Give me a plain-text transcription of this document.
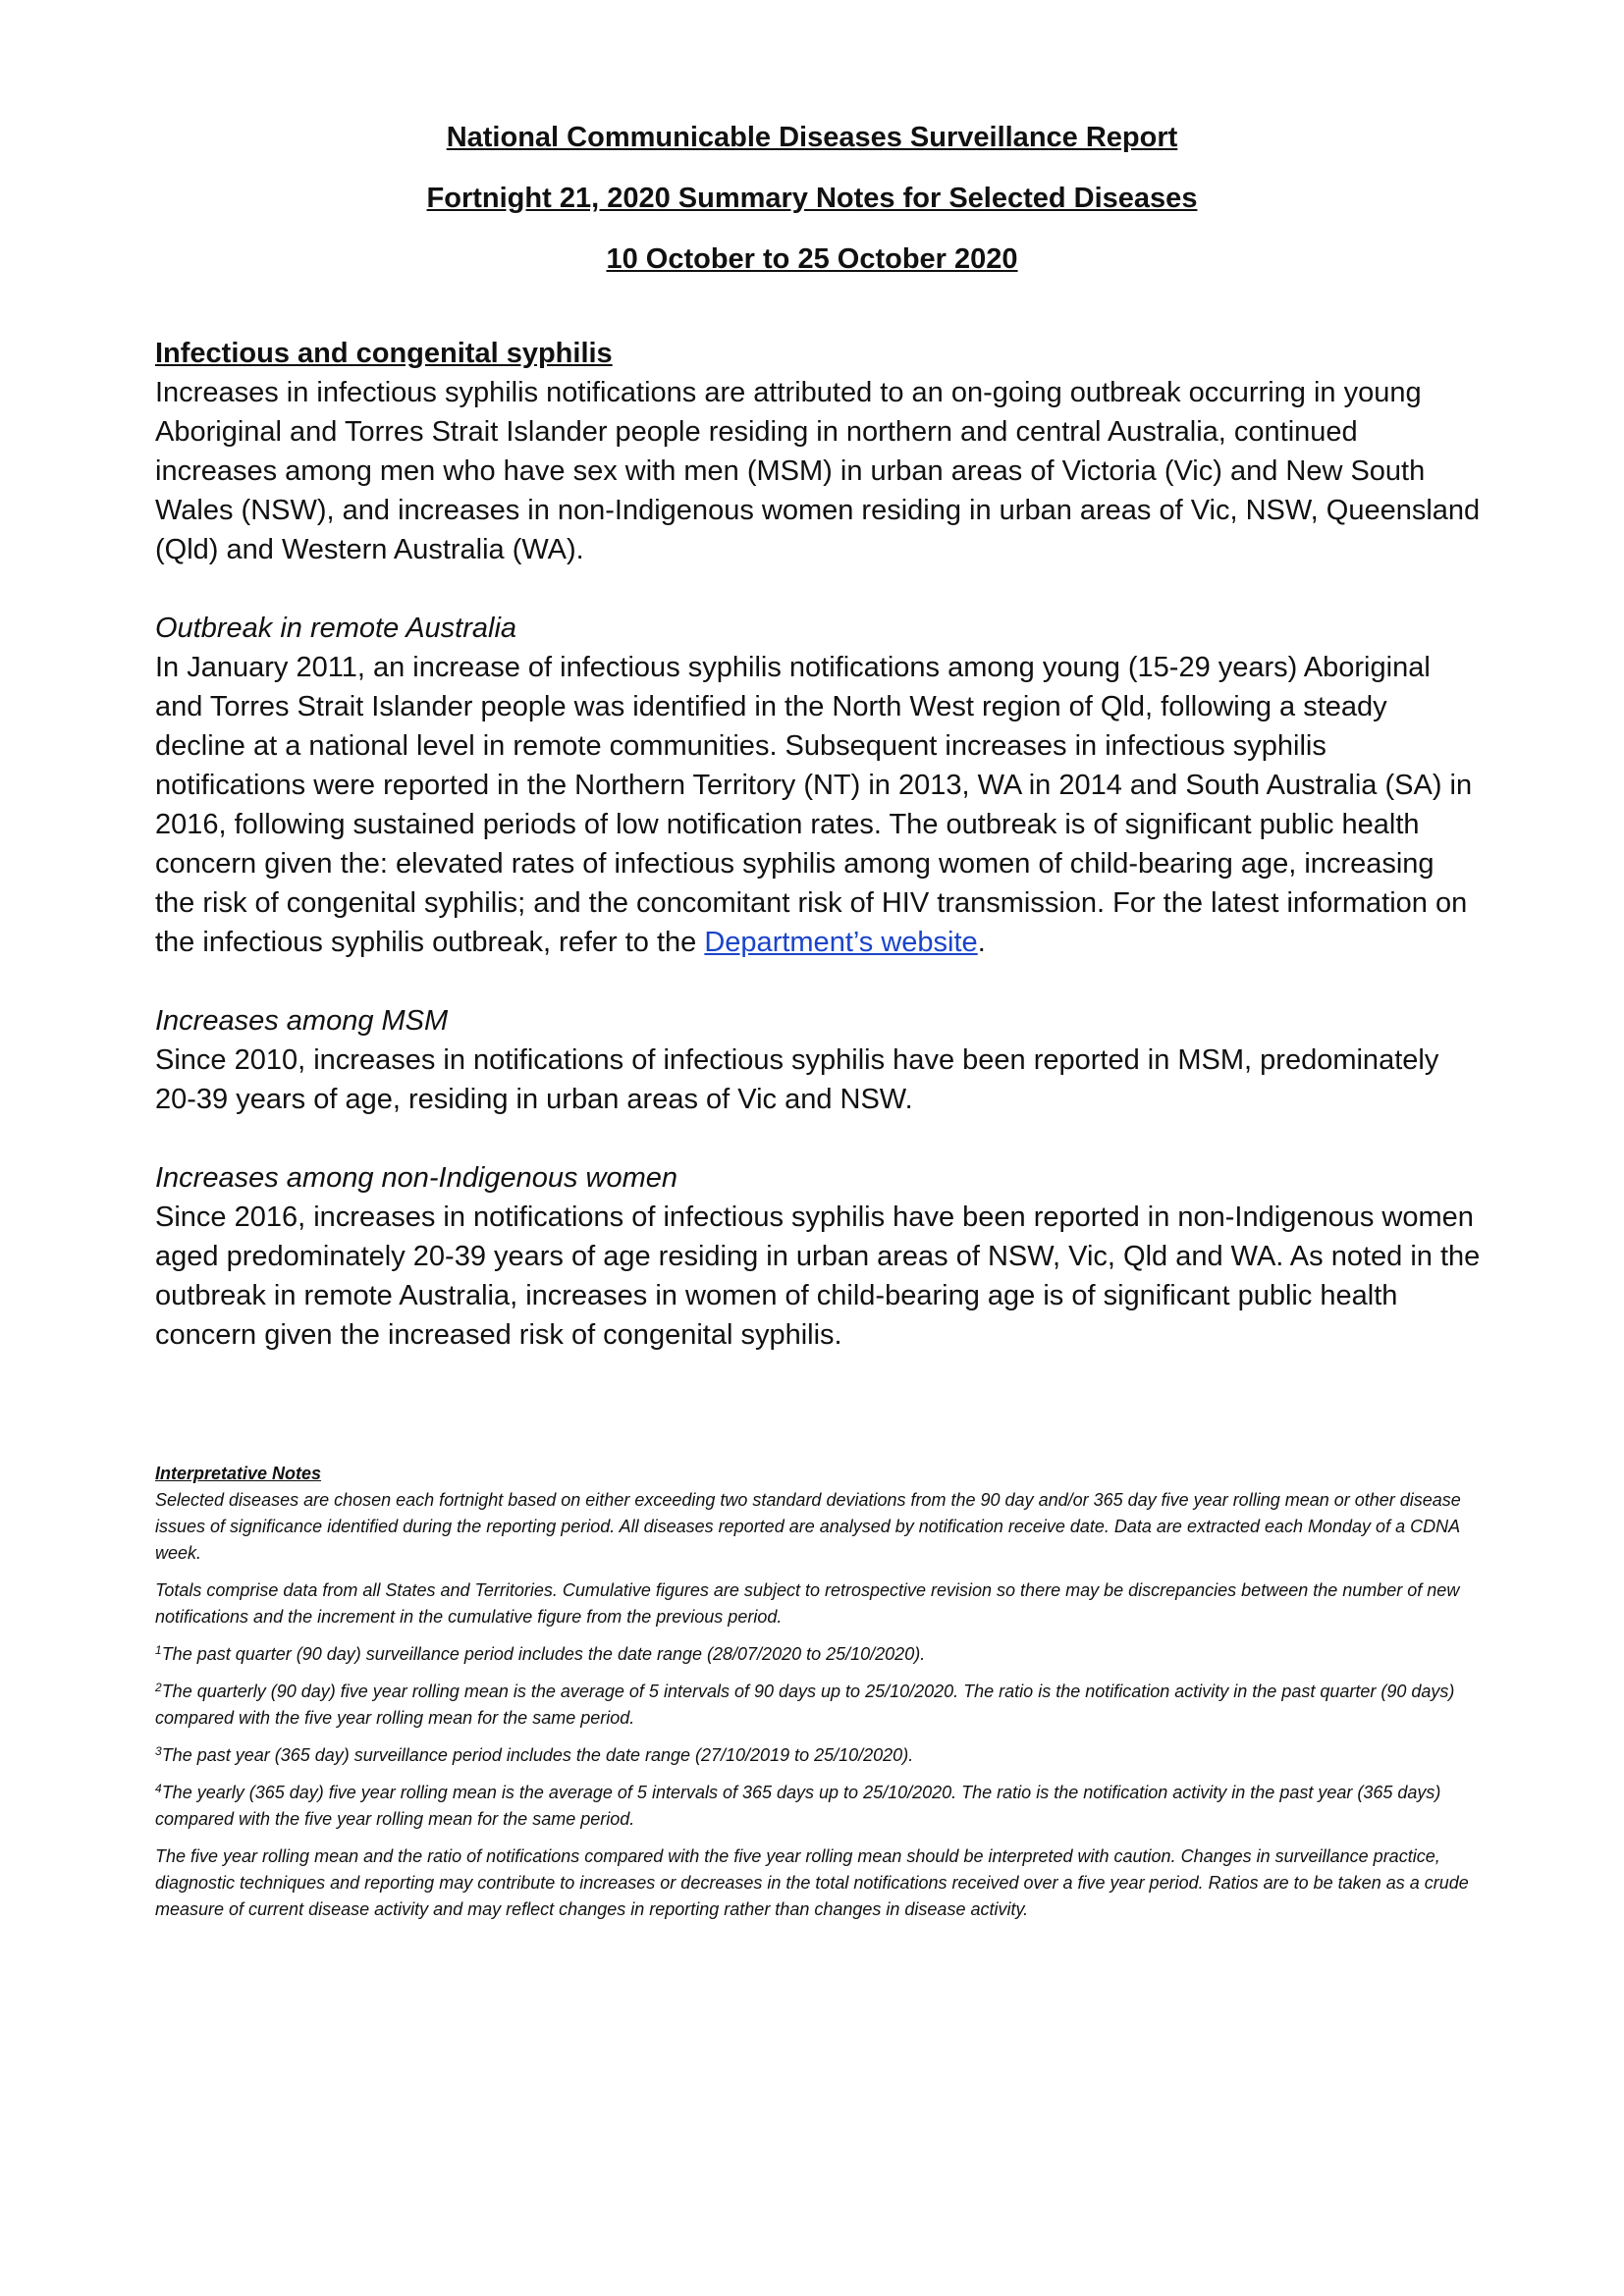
National Communicable Diseases Surveillance Report
Fortnight 21, 2020 Summary Notes for Selected Diseases
10 October to 25 October 2020

Infectious and congenital syphilis

Increases in infectious syphilis notifications are attributed to an on-going outbreak occurring in young Aboriginal and Torres Strait Islander people residing in northern and central Australia, continued increases among men who have sex with men (MSM) in urban areas of Victoria (Vic) and New South Wales (NSW), and increases in non-Indigenous women residing in urban areas of Vic, NSW, Queensland (Qld) and Western Australia (WA).

Outbreak in remote Australia

In January 2011, an increase of infectious syphilis notifications among young (15-29 years) Aboriginal and Torres Strait Islander people was identified in the North West region of Qld, following a steady decline at a national level in remote communities. Subsequent increases in infectious syphilis notifications were reported in the Northern Territory (NT) in 2013, WA in 2014 and South Australia (SA) in 2016, following sustained periods of low notification rates. The outbreak is of significant public health concern given the: elevated rates of infectious syphilis among women of child-bearing age, increasing the risk of congenital syphilis; and the concomitant risk of HIV transmission. For the latest information on the infectious syphilis outbreak, refer to the Department’s website.

Increases among MSM

Since 2010, increases in notifications of infectious syphilis have been reported in MSM, predominately 20-39 years of age, residing in urban areas of Vic and NSW.

Increases among non-Indigenous women

Since 2016, increases in notifications of infectious syphilis have been reported in non-Indigenous women aged predominately 20-39 years of age residing in urban areas of NSW, Vic, Qld and WA. As noted in the outbreak in remote Australia, increases in women of child-bearing age is of significant public health concern given the increased risk of congenital syphilis.

Interpretative Notes

Selected diseases are chosen each fortnight based on either exceeding two standard deviations from the 90 day and/or 365 day five year rolling mean or other disease issues of significance identified during the reporting period. All diseases reported are analysed by notification receive date. Data are extracted each Monday of a CDNA week.

Totals comprise data from all States and Territories. Cumulative figures are subject to retrospective revision so there may be discrepancies between the number of new notifications and the increment in the cumulative figure from the previous period.

$^1$The past quarter (90 day) surveillance period includes the date range (28/07/2020 to 25/10/2020).

$^2$The quarterly (90 day) five year rolling mean is the average of 5 intervals of 90 days up to 25/10/2020. The ratio is the notification activity in the past quarter (90 days) compared with the five year rolling mean for the same period.

$^3$The past year (365 day) surveillance period includes the date range (27/10/2019 to 25/10/2020).

$^4$The yearly (365 day) five year rolling mean is the average of 5 intervals of 365 days up to 25/10/2020. The ratio is the notification activity in the past year (365 days) compared with the five year rolling mean for the same period.

The five year rolling mean and the ratio of notifications compared with the five year rolling mean should be interpreted with caution. Changes in surveillance practice, diagnostic techniques and reporting may contribute to increases or decreases in the total notifications received over a five year period. Ratios are to be taken as a crude measure of current disease activity and may reflect changes in reporting rather than changes in disease activity.
